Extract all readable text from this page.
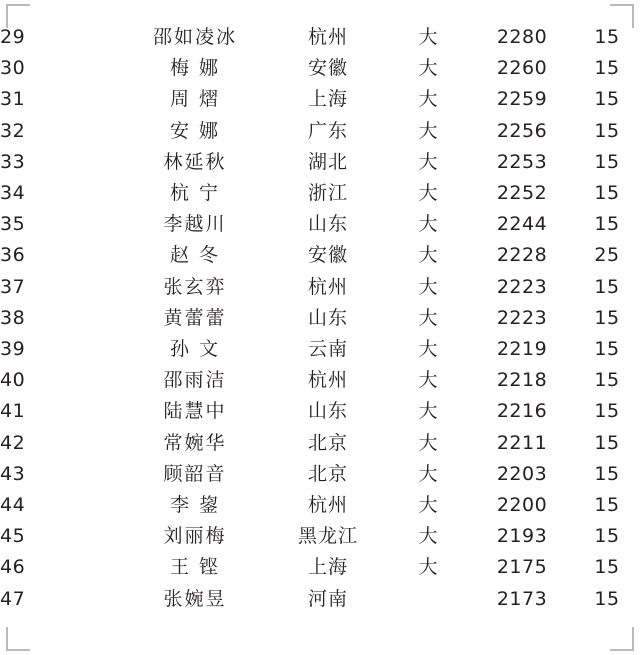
29	邵如凌冰	杭州	大	2280	15
30	梅 娜	安徽	大	2260	15
31	周 熠	上海	大	2259	15
32	安 娜	广东	大	2256	15
33	林延秋	湖北	大	2253	15
34	杭 宁	浙江	大	2252	15
35	李越川	山东	大	2244	15
36	赵 冬	安徽	大	2228	25
37	张玄弈	杭州	大	2223	15
38	黄蕾蕾	山东	大	2223	15
39	孙 文	云南	大	2219	15
40	邵雨洁	杭州	大	2218	15
41	陆慧中	山东	大	2216	15
42	常婉华	北京	大	2211	15
43	顾韶音	北京	大	2203	15
44	李 鋆	杭州	大	2200	15
45	刘丽梅	黑龙江	大	2193	15
46	王 铿	上海	大	2175	15
47	张婉昱	河南		2173	15
